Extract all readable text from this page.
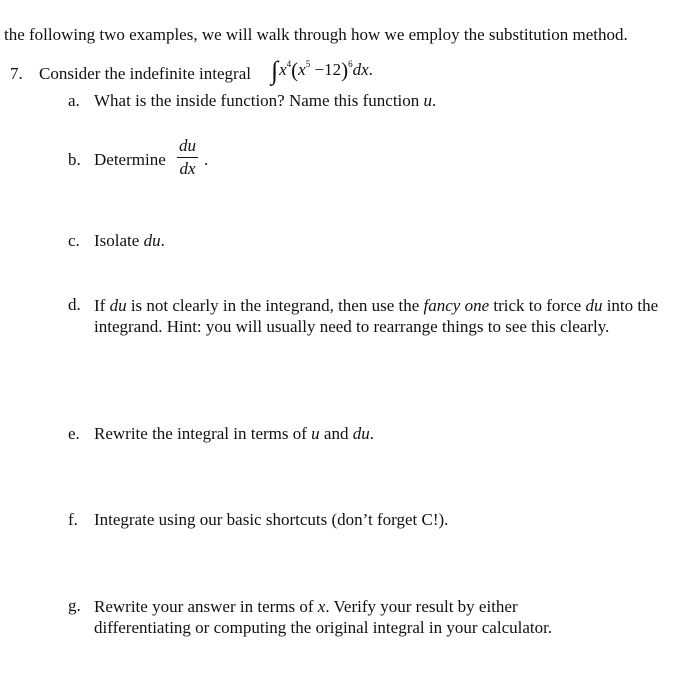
the following two examples, we will walk through how we employ the substitution method.
7. Consider the indefinite integral $\int x^4(x^5 -12)^6dx$.
a. What is the inside function? Name this function u.
b. Determine $\frac{du}{dx}$ .
c. Isolate du.
d. If du is not clearly in the integrand, then use the fancy one trick to force du into the integrand. Hint: you will usually need to rearrange things to see this clearly.
e. Rewrite the integral in terms of u and du.
f. Integrate using our basic shortcuts (don’t forget C!).
g. Rewrite your answer in terms of x. Verify your result by either differentiating or computing the original integral in your calculator.
